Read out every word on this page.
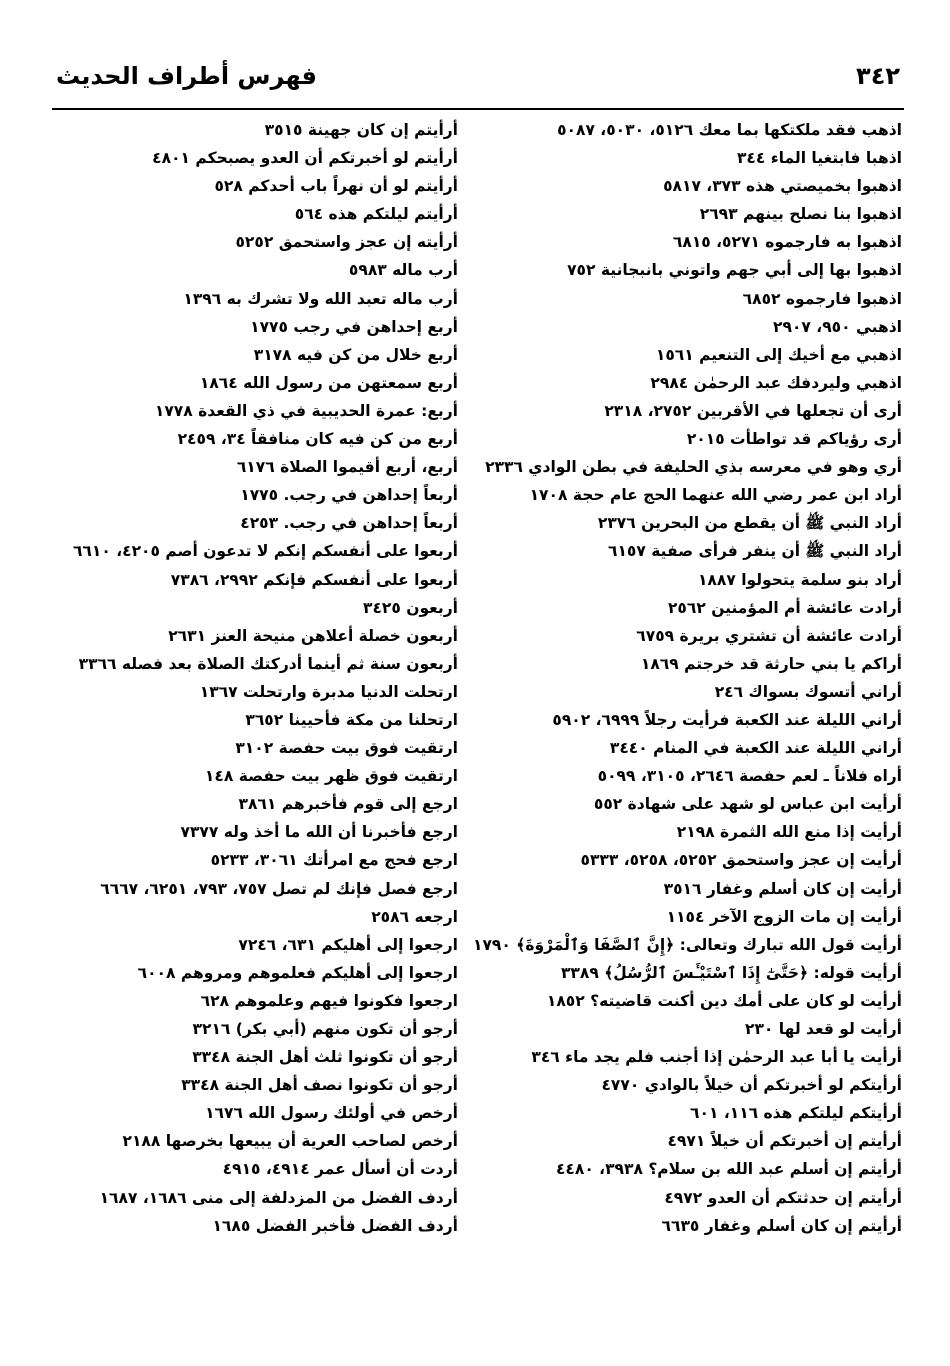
فهرس أطراف الحديث	٣٤٢
اذهب فقد ملكتكها بما معك ٥١٢٦، ٥٠٣٠، ٥٠٨٧
اذهبا فابتغيا الماء ٣٤٤
اذهبوا بخميصتي هذه ٣٧٣، ٥٨١٧
اذهبوا بنا نصلح بينهم ٢٦٩٣
اذهبوا به فارجموه ٥٢٧١، ٦٨١٥
اذهبوا بها إلى أبي جهم واتوني بانبجانية ٧٥٢
اذهبوا فارجموه ٦٨٥٢
اذهبي ٩٥٠، ٢٩٠٧
اذهبي مع أخيك إلى التنعيم ١٥٦١
اذهبي وليردفك عبد الرحمٰن ٢٩٨٤
أرى أن تجعلها في الأقربين ٢٧٥٢، ٢٣١٨
أرى رؤياكم قد تواطأت ٢٠١٥
أري وهو في معرسه بذي الحليفة في بطن الوادي ٢٣٣٦
أراد ابن عمر رضي الله عنهما الحج عام حجة ١٧٠٨
أراد النبي ﷺ أن يقطع من البحرين ٢٣٧٦
أراد النبي ﷺ أن ينفر فرأى صفية ٦١٥٧
أراد بنو سلمة يتحولوا ١٨٨٧
أرادت عائشة أم المؤمنين ٢٥٦٢
أرادت عائشة أن تشتري بريرة ٦٧٥٩
أراكم يا بني حارثة قد خرجتم ١٨٦٩
أراني أتسوك بسواك ٢٤٦
أراني الليلة عند الكعبة فرأيت رجلاً ٦٩٩٩، ٥٩٠٢
أراني الليلة عند الكعبة في المنام ٣٤٤٠
أراه فلاناً ـ لعم حفصة ٢٦٤٦، ٣١٠٥، ٥٠٩٩
أرأيت ابن عباس لو شهد على شهادة ٥٥٢
أرأيت إذا منع الله الثمرة ٢١٩٨
أرأيت إن عجز واستحمق ٥٢٥٢، ٥٢٥٨، ٥٣٣٣
أرأيت إن كان أسلم وغفار ٣٥١٦
أرأيت إن مات الزوج الآخر ١١٥٤
أرأيت قول الله تبارك وتعالى: ﴿إِنَّ ٱلصَّفَا وَٱلْمَرْوَةَ﴾ ١٧٩٠
أرأيت قوله: ﴿حَتَّىٰٓ إِذَا ٱسْتَيْـَٔسَ ٱلرُّسُلُ﴾ ٣٣٨٩
أرأيت لو كان على أمك دين أكنت قاضيته؟ ١٨٥٢
أرأيت لو قعد لها ٢٣٠
أرأيت يا أبا عبد الرحمٰن إذا أجنب فلم يجد ماء ٣٤٦
أرأيتكم لو أخبرتكم أن خيلاً بالوادي ٤٧٧٠
أرأيتكم ليلتكم هذه ١١٦، ٦٠١
أرأيتم إن أخبرتكم أن خيلاً ٤٩٧١
أرأيتم إن أسلم عبد الله بن سلام؟ ٣٩٣٨، ٤٤٨٠
أرأيتم إن حدثتكم أن العدو ٤٩٧٢
أرأيتم إن كان أسلم وغفار ٦٦٣٥
أرأيتم إن كان جهينة ٣٥١٥
أرأيتم لو أخبرتكم أن العدو يصبحكم ٤٨٠١
أرأيتم لو أن نهراً باب أحدكم ٥٢٨
أرأيتم ليلتكم هذه ٥٦٤
أرأيته إن عجز واستحمق ٥٢٥٢
أرب ماله ٥٩٨٣
أرب ماله تعبد الله ولا تشرك به ١٣٩٦
أربع إحداهن في رجب ١٧٧٥
أربع خلال من كن فيه ٣١٧٨
أربع سمعتهن من رسول الله ١٨٦٤
أربع: عمرة الحديبية في ذي القعدة ١٧٧٨
أربع من كن فيه كان منافقاً ٣٤، ٢٤٥٩
أربع، أربع أقيموا الصلاة ٦١٧٦
أربعاً إحداهن في رجب. ١٧٧٥
أربعاً إحداهن في رجب. ٤٢٥٣
أربعوا على أنفسكم إنكم لا تدعون أصم ٤٢٠٥، ٦٦١٠
أربعوا على أنفسكم فإنكم ٢٩٩٢، ٧٣٨٦
أربعون ٣٤٢٥
أربعون خصلة أعلاهن منيحة العنز ٢٦٣١
أربعون سنة ثم أينما أدركتك الصلاة بعد فصله ٣٣٦٦
ارتحلت الدنيا مدبرة وارتحلت ١٣٦٧
ارتحلنا من مكة فأحيينا ٣٦٥٢
ارتقيت فوق بيت حفصة ٣١٠٢
ارتقيت فوق ظهر بيت حفصة ١٤٨
ارجع إلى قوم فأخبرهم ٣٨٦١
ارجع فأخبرنا أن الله ما أخذ وله ٧٣٧٧
ارجع فحج مع امرأتك ٣٠٦١، ٥٢٣٣
ارجع فصل فإنك لم تصل ٧٥٧، ٧٩٣، ٦٢٥١، ٦٦٦٧
ارجعه ٢٥٨٦
ارجعوا إلى أهليكم ٦٣١، ٧٢٤٦
ارجعوا إلى أهليكم فعلموهم ومروهم ٦٠٠٨
ارجعوا فكونوا فيهم وعلموهم ٦٢٨
أرجو أن تكون منهم (أبي بكر) ٣٢١٦
أرجو أن تكونوا ثلث أهل الجنة ٣٣٤٨
أرجو أن تكونوا نصف أهل الجنة ٣٣٤٨
أرخص في أولئك رسول الله ١٦٧٦
أرخص لصاحب العرية أن يبيعها بخرصها ٢١٨٨
أردت أن أسأل عمر ٤٩١٤، ٤٩١٥
أردف الفضل من المزدلفة إلى منى ١٦٨٦، ١٦٨٧
أردف الفضل فأخبر الفضل ١٦٨٥
